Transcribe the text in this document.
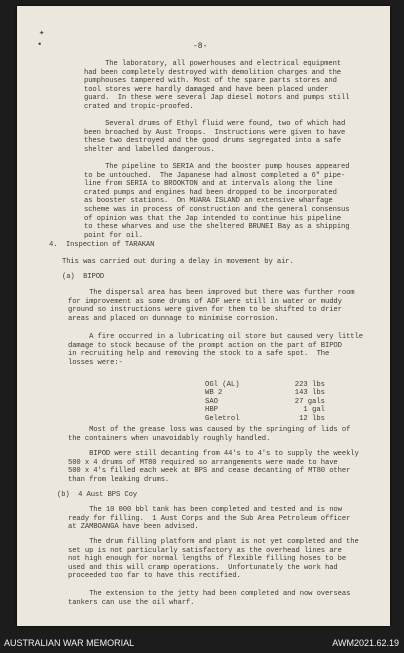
✦
•	-8-
The laboratory, all powerhouses and electrical equipment
had been completely destroyed with demolition charges and the
pumphouses tampered with. Most of the spare parts stores and
tool stores were hardly damaged and have been placed under
guard.  In these were several Jap diesel motors and pumps still
crated and tropic-proofed.
Several drums of Ethyl fluid were found, two of which had
been broached by Aust Troops.  Instructions were given to have
these two destroyed and the good drums segregated into a safe
shelter and labelled dangerous.
The pipeline to SERIA and the booster pump houses appeared
to be untouched.  The Japanese had almost completed a 6" pipe-
line from SERIA to BROOKTON and at intervals along the line
crated pumps and engines had been dropped to be incorporated
as booster stations.  On MUARA ISLAND an extensive wharfage
scheme was in process of construction and the general consensus
of opinion was that the Jap intended to continue his pipeline
to these wharves and use the sheltered BRUNEI Bay as a shipping
point for oil.
4.  Inspection of TARAKAN
This was carried out during a delay in movement by air.
(a)  BIPOD
The dispersal area has been improved but there was further room
for improvement as some drums of ADF were still in water or muddy
ground so instructions were given for them to be shifted to drier
areas and placed on dunnage to minimise corrosion.
A fire occurred in a lubricating oil store but caused very little
damage to stock because of the prompt action on the part of BIPOD
in recruiting help and removing the stock to a safe spot.  The
losses were:-
OGl (AL)	223 lbs
WB 2	143 lbs
SAO	27 gals
HBP	1 gal
Geletrol	12 lbs
Most of the grease loss was caused by the springing of lids of
the containers when unavoidably roughly handled.
BIPOD were still decanting from 44's to 4's to supply the weekly
500 x 4 drums of MT80 required so arrangements were made to have
500 x 4's filled each week at BPS and cease decanting of MT80 other
than from leaking drums.
(b)  4 Aust BPS Coy
The 10 000 bbl tank has been completed and tested and is now
ready for filling.  1 Aust Corps and the Sub Area Petroleum officer
at ZAMBOANGA have been advised.
The drum filling platform and plant is not yet completed and the
set up is not particularly satisfactory as the overhead lines are
not high enough for normal lengths of flexible filling hoses to be
used and this will cramp operations.  Unfortunately the work had
proceeded too far to have this rectified.
The extension to the jetty had been completed and now overseas
tankers can use the oil wharf.
AUSTRALIAN WAR MEMORIAL	AWM2021.62.19
